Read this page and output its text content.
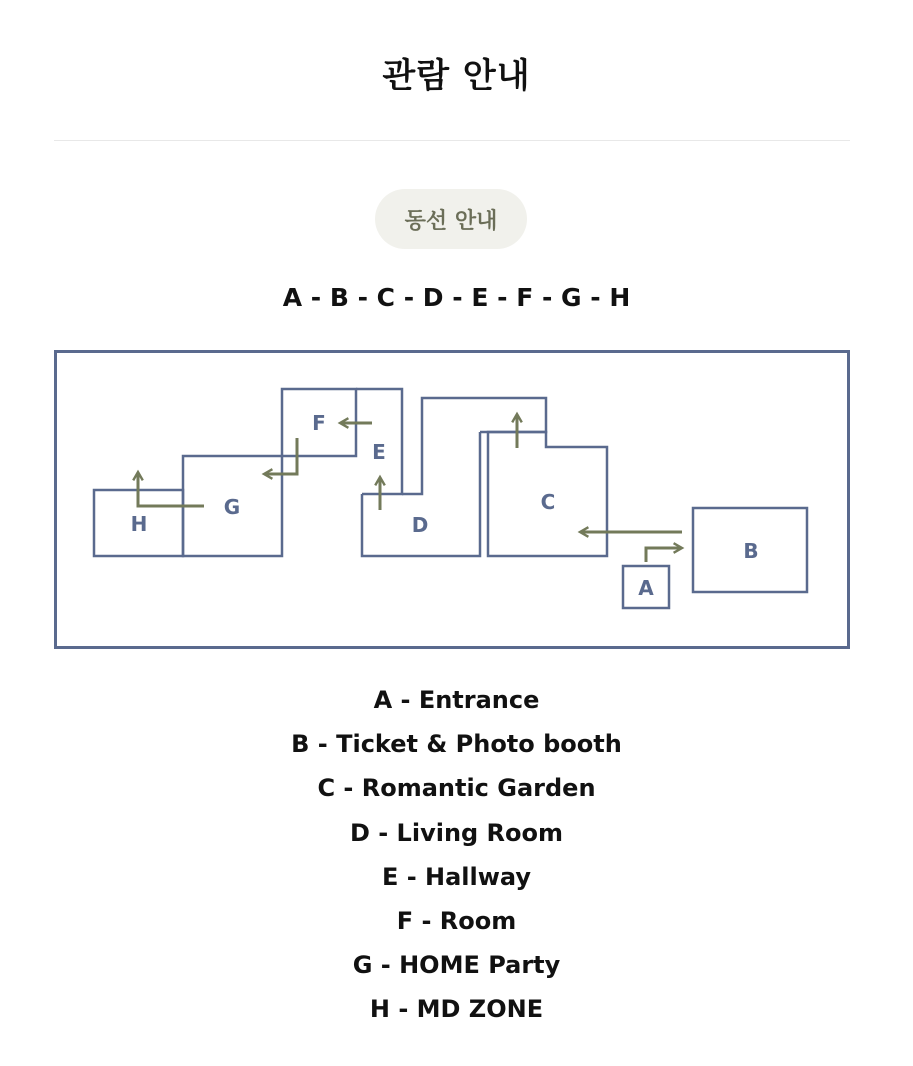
관람 안내
동선 안내
A - B - C - D - E - F - G - H
H
G
F
E
D
C
B
A
A - Entrance
B - Ticket & Photo booth
C - Romantic Garden
D - Living Room
E - Hallway
F - Room
G - HOME Party
H - MD ZONE
